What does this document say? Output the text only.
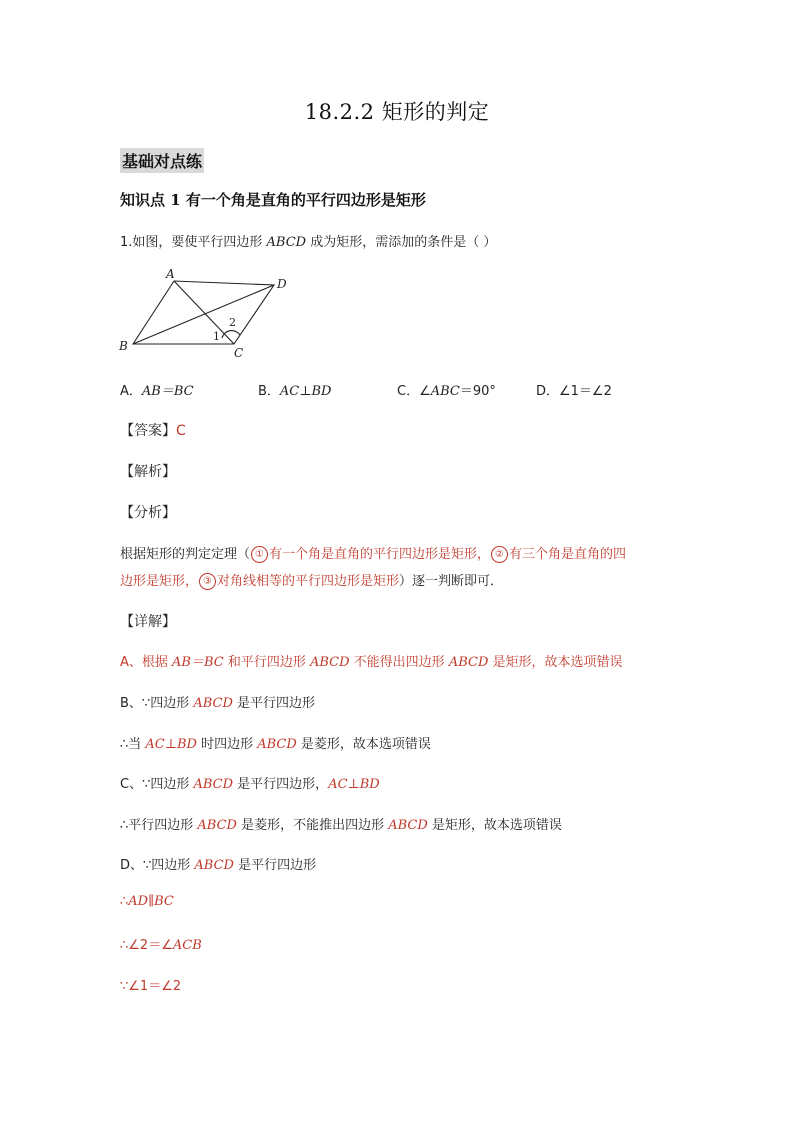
18.2.2 矩形的判定
基础对点练
知识点 1 有一个角是直角的平行四边形是矩形
1.如图，要使平行四边形 ABCD 成为矩形，需添加的条件是（ ）
A
D
B	C
1
2
A．AB＝BC	B．AC⊥BD	C．∠ABC＝90°	D．∠1＝∠2
【答案】C
【解析】
【分析】
根据矩形的判定定理（ ① 有一个角是直角的平行四边形是矩形， ② 有三个角是直角的四
边形是矩形， ③ 对角线相等的平行四边形是矩形）逐一判断即可．
【详解】
A、根据 AB＝BC 和平行四边形 ABCD 不能得出四边形 ABCD 是矩形，故本选项错误
B、∵四边形 ABCD 是平行四边形
∴当 AC⊥BD 时四边形 ABCD 是菱形，故本选项错误
C、∵四边形 ABCD 是平行四边形，AC⊥BD
∴平行四边形 ABCD 是菱形，不能推出四边形 ABCD 是矩形，故本选项错误
D、∵四边形 ABCD 是平行四边形
∴AD∥BC
∴∠2＝∠ACB
∵∠1＝∠2
